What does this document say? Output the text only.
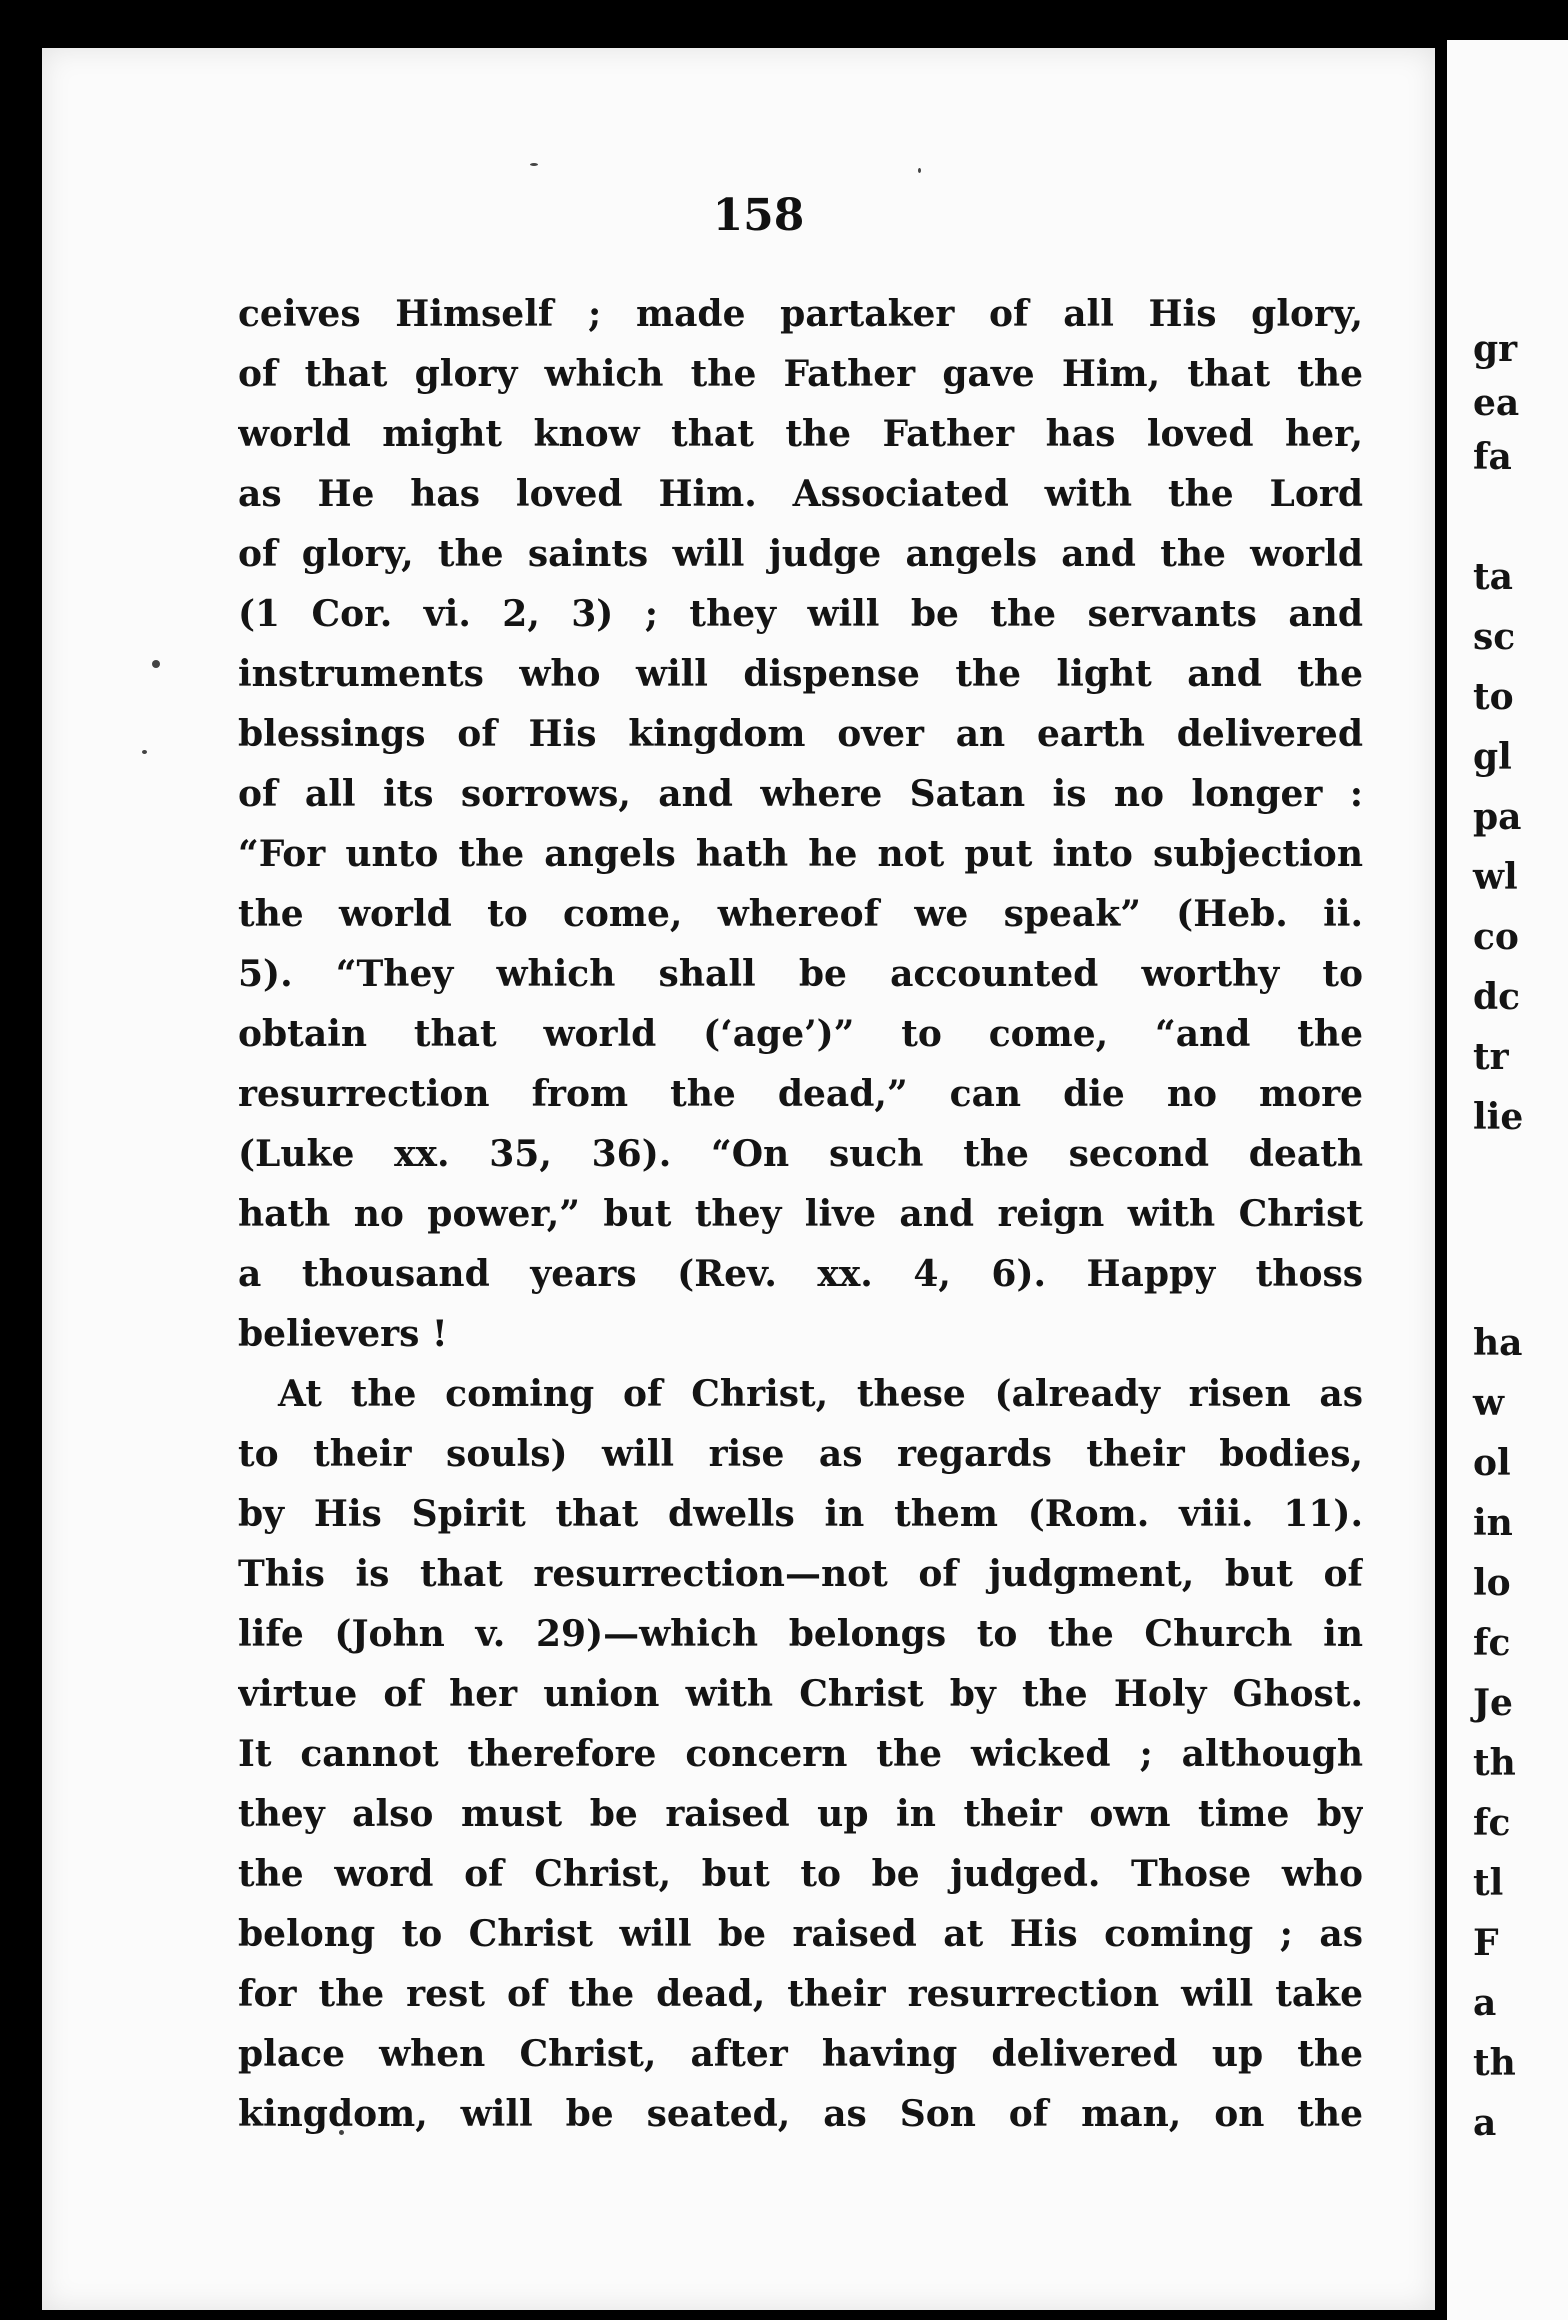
158
ceives Himself ; made partaker of all His glory,
of that glory which the Father gave Him, that the
world might know that the Father has loved her,
as He has loved Him. Associated with the Lord
of glory, the saints will judge angels and the world
(1 Cor. vi. 2, 3) ; they will be the servants and
instruments who will dispense the light and the
blessings of His kingdom over an earth delivered
of all its sorrows, and where Satan is no longer :
“For unto the angels hath he not put into subjection
the world to come, whereof we speak” (Heb. ii.
5). “They which shall be accounted worthy to
obtain that world (‘age’)” to come, “and the
resurrection from the dead,” can die no more
(Luke xx. 35, 36). “On such the second death
hath no power,” but they live and reign with Christ
a thousand years (Rev. xx. 4, 6). Happy thoss
believers !
At the coming of Christ, these (already risen as
to their souls) will rise as regards their bodies,
by His Spirit that dwells in them (Rom. viii. 11).
This is that resurrection—not of judgment, but of
life (John v. 29)—which belongs to the Church in
virtue of her union with Christ by the Holy Ghost.
It cannot therefore concern the wicked ; although
they also must be raised up in their own time by
the word of Christ, but to be judged. Those who
belong to Christ will be raised at His coming ; as
for the rest of the dead, their resurrection will take
place when Christ, after having delivered up the
kingdom, will be seated, as Son of man, on the
gr
ea
fa
ta
sc
to
gl
pa
wl
co
dc
tr
lie
ha
w
ol
in
lo
fc
Je
th
fc
tl
F
a
th
a
